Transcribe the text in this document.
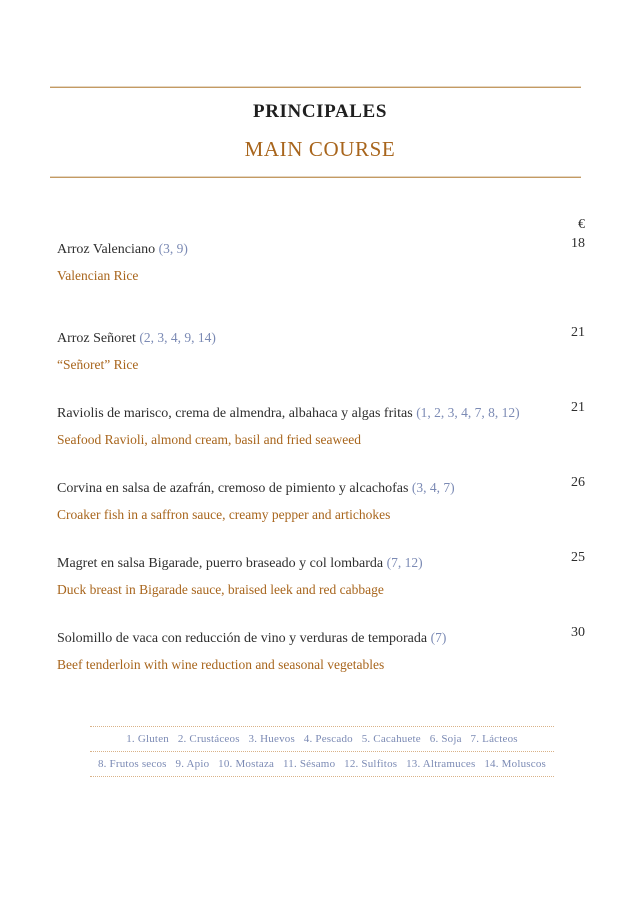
PRINCIPALES
MAIN COURSE
€
Arroz Valenciano (3, 9)	18
Valencian Rice
Arroz Señoret (2, 3, 4, 9, 14)	21
“Señoret” Rice
Raviolis de marisco, crema de almendra, albahaca y algas fritas (1, 2, 3, 4, 7, 8, 12)	21
Seafood Ravioli, almond cream, basil and fried seaweed
Corvina en salsa de azafrán, cremoso de pimiento y alcachofas (3, 4, 7)	26
Croaker fish in a saffron sauce, creamy pepper and artichokes
Magret en salsa Bigarade, puerro braseado y col lombarda (7, 12)	25
Duck breast in Bigarade sauce, braised leek and red cabbage
Solomillo de vaca con reducción de vino y verduras de temporada (7)	30
Beef tenderloin with wine reduction and seasonal vegetables
1. Gluten   2. Crustáceos   3. Huevos   4. Pescado   5. Cacahuete   6. Soja   7. Lácteos
8. Frutos secos   9. Apio   10. Mostaza   11. Sésamo   12. Sulfitos   13. Altramuces   14. Moluscos
